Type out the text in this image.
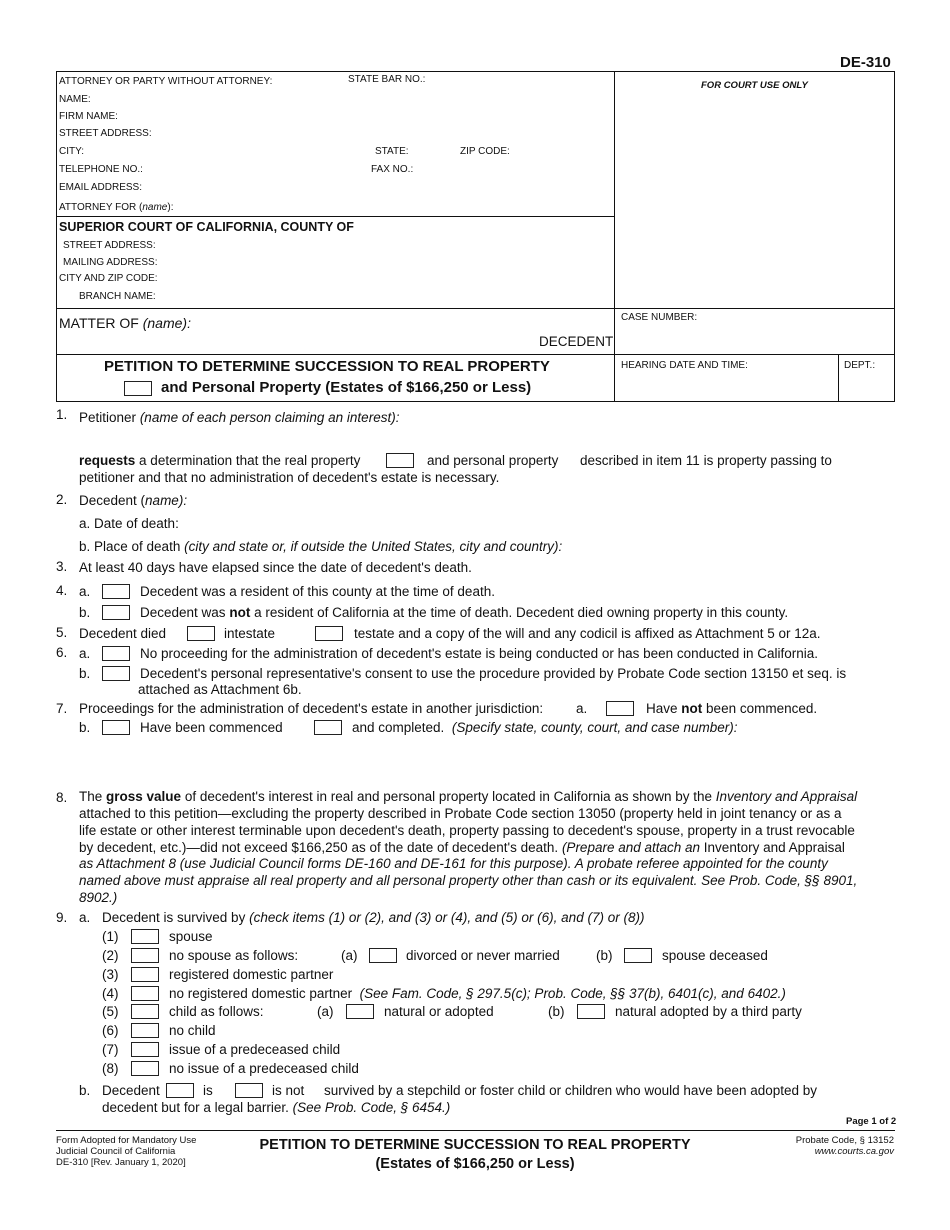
DE-310
ATTORNEY OR PARTY WITHOUT ATTORNEY:	STATE BAR NO.:
NAME:
FIRM NAME:
STREET ADDRESS:
CITY:	STATE:	ZIP CODE:
TELEPHONE NO.:	FAX NO.:
EMAIL ADDRESS:
ATTORNEY FOR (name):
FOR COURT USE ONLY
SUPERIOR COURT OF CALIFORNIA, COUNTY OF
STREET ADDRESS:
MAILING ADDRESS:
CITY AND ZIP CODE:
BRANCH NAME:
MATTER OF (name):
DECEDENT
CASE NUMBER:
PETITION TO DETERMINE SUCCESSION TO REAL PROPERTY
and Personal Property (Estates of $166,250 or Less)
HEARING DATE AND TIME:	DEPT.:
1. Petitioner (name of each person claiming an interest):
requests a determination that the real property	and personal property described in item 11 is property passing to
petitioner and that no administration of decedent's estate is necessary.
2. Decedent (name):
a. Date of death:
b. Place of death (city and state or, if outside the United States, city and country):
3. At least 40 days have elapsed since the date of decedent's death.
4. a.	Decedent was a resident of this county at the time of death.
b.	Decedent was not a resident of California at the time of death. Decedent died owning property in this county.
5. Decedent died	intestate	testate and a copy of the will and any codicil is affixed as Attachment 5 or 12a.
6. a.	No proceeding for the administration of decedent's estate is being conducted or has been conducted in California.
b.	Decedent's personal representative's consent to use the procedure provided by Probate Code section 13150 et seq. is
attached as Attachment 6b.
7. Proceedings for the administration of decedent's estate in another jurisdiction: a.	Have not been commenced.
b.	Have been commenced	and completed. (Specify state, county, court, and case number):
8. The gross value of decedent's interest in real and personal property located in California as shown by the Inventory and Appraisal
attached to this petition—excluding the property described in Probate Code section 13050 (property held in joint tenancy or as a
life estate or other interest terminable upon decedent's death, property passing to decedent's spouse, property in a trust revocable
by decedent, etc.)—did not exceed $166,250 as of the date of decedent's death. (Prepare and attach an Inventory and Appraisal
as Attachment 8 (use Judicial Council forms DE-160 and DE-161 for this purpose). A probate referee appointed for the county
named above must appraise all real property and all personal property other than cash or its equivalent. See Prob. Code, §§ 8901,
8902.)
9. a. Decedent is survived by (check items (1) or (2), and (3) or (4), and (5) or (6), and (7) or (8))
(1)	spouse
(2)	no spouse as follows:	(a)	divorced or never married	(b)	spouse deceased
(3)	registered domestic partner
(4)	no registered domestic partner (See Fam. Code, § 297.5(c); Prob. Code, §§ 37(b), 6401(c), and 6402.)
(5)	child as follows:	(a)	natural or adopted	(b)	natural adopted by a third party
(6)	no child
(7)	issue of a predeceased child
(8)	no issue of a predeceased child
b. Decedent	is	is not survived by a stepchild or foster child or children who would have been adopted by
decedent but for a legal barrier. (See Prob. Code, § 6454.)
Page 1 of 2
Form Adopted for Mandatory Use
Judicial Council of California
DE-310 [Rev. January 1, 2020]
PETITION TO DETERMINE SUCCESSION TO REAL PROPERTY
(Estates of $166,250 or Less)
Probate Code, § 13152
www.courts.ca.gov
